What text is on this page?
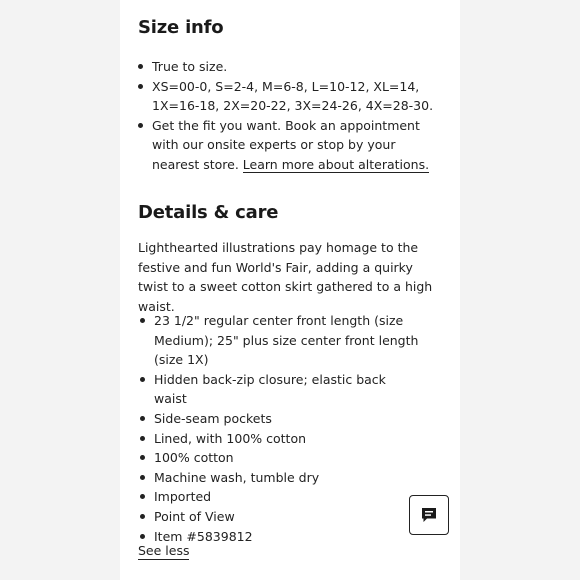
Size info
True to size.
XS=00-0, S=2-4, M=6-8, L=10-12, XL=14, 1X=16-18, 2X=20-22, 3X=24-26, 4X=28-30.
Get the fit you want. Book an appointment with our onsite experts or stop by your nearest store. Learn more about alterations.
Details & care

Lighthearted illustrations pay homage to the festive and fun World's Fair, adding a quirky twist to a sweet cotton skirt gathered to a high waist.

23 1/2" regular center front length (size Medium); 25" plus size center front length (size 1X)
Hidden back-zip closure; elastic back waist
Side-seam pockets
Lined, with 100% cotton
100% cotton
Machine wash, tumble dry
Imported
Point of View
Item #5839812
See less
